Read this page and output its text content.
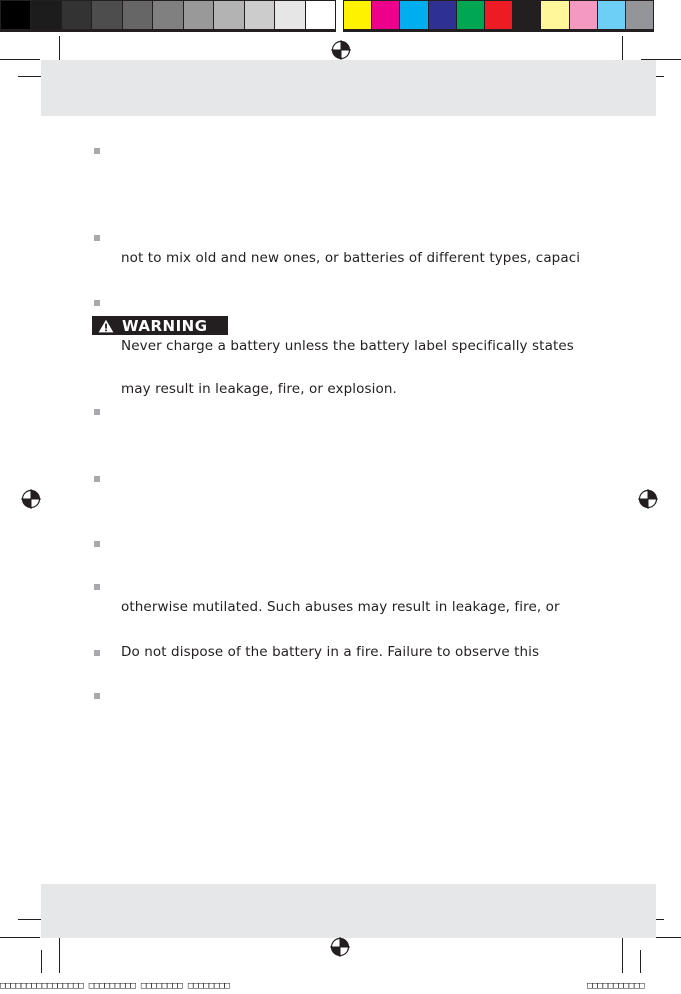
not to mix old and new ones, or batteries of different types, capaci
WARNING
Never charge a battery unless the battery label specifically states
may result in leakage, fire, or explosion.
otherwise mutilated. Such abuses may result in leakage, fire, or
Do not dispose of the battery in a fire. Failure to observe this
□□□□□□□□□□□□□□□□ □□□□□□□□□ □□□□□□□□ □□□□□□□□	□□□□□□□□□□□
